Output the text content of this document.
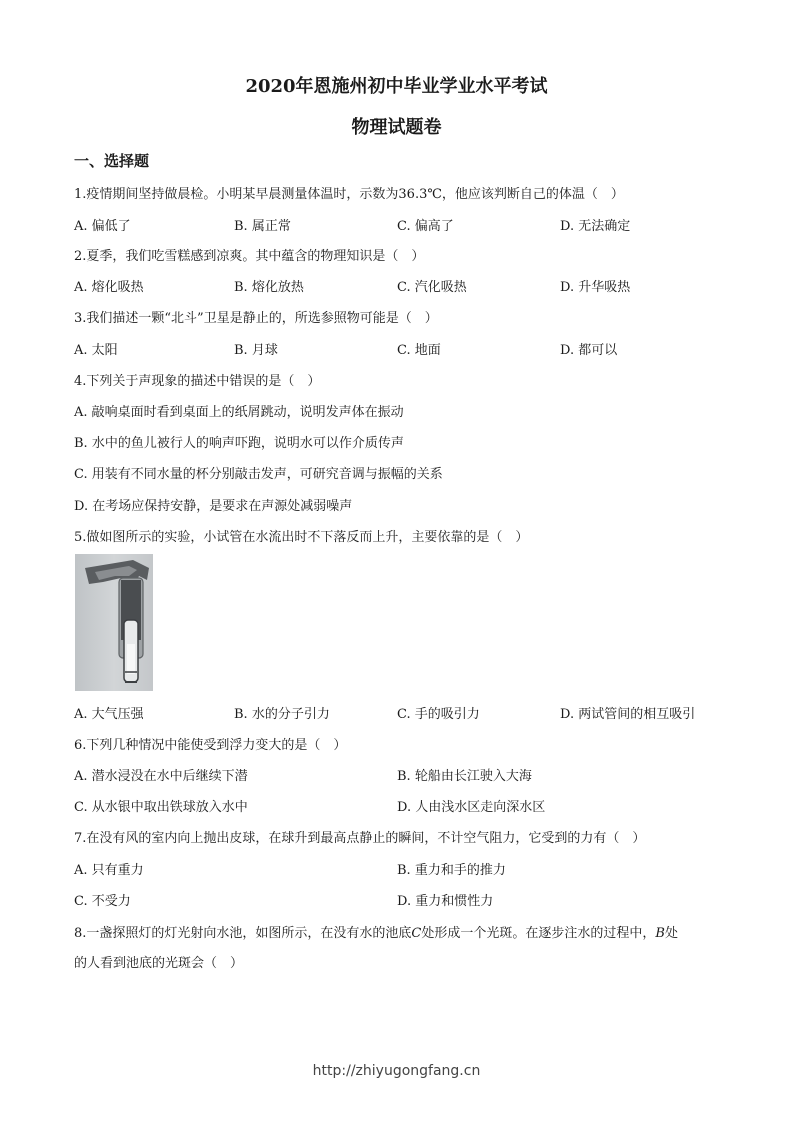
2020年恩施州初中毕业学业水平考试
物理试题卷
一、选择题
1.疫情期间坚持做晨检。小明某早晨测量体温时，示数为36.3℃，他应该判断自己的体温（　）
A. 偏低了	B. 属正常	C. 偏高了	D. 无法确定
2.夏季，我们吃雪糕感到凉爽。其中蕴含的物理知识是（　）
A. 熔化吸热	B. 熔化放热	C. 汽化吸热	D. 升华吸热
3.我们描述一颗“北斗”卫星是静止的，所选参照物可能是（　）
A. 太阳	B. 月球	C. 地面	D. 都可以
4.下列关于声现象的描述中错误的是（　）
A. 敲响桌面时看到桌面上的纸屑跳动，说明发声体在振动
B. 水中的鱼儿被行人的响声吓跑，说明水可以作介质传声
C. 用装有不同水量的杯分别敲击发声，可研究音调与振幅的关系
D. 在考场应保持安静，是要求在声源处减弱噪声
5.做如图所示的实验，小试管在水流出时不下落反而上升，主要依靠的是（　）
A. 大气压强	B. 水的分子引力	C. 手的吸引力	D. 两试管间的相互吸引
6.下列几种情况中能使受到浮力变大的是（　）
A. 潜水浸没在水中后继续下潜	B. 轮船由长江驶入大海
C. 从水银中取出铁球放入水中	D. 人由浅水区走向深水区
7.在没有风的室内向上抛出皮球，在球升到最高点静止的瞬间，不计空气阻力，它受到的力有（　）
A. 只有重力	B. 重力和手的推力
C. 不受力	D. 重力和惯性力
8.一盏探照灯的灯光射向水池，如图所示，在没有水的池底C处形成一个光斑。在逐步注水的过程中，B处
的人看到池底的光斑会（　）
http://zhiyugongfang.cn
